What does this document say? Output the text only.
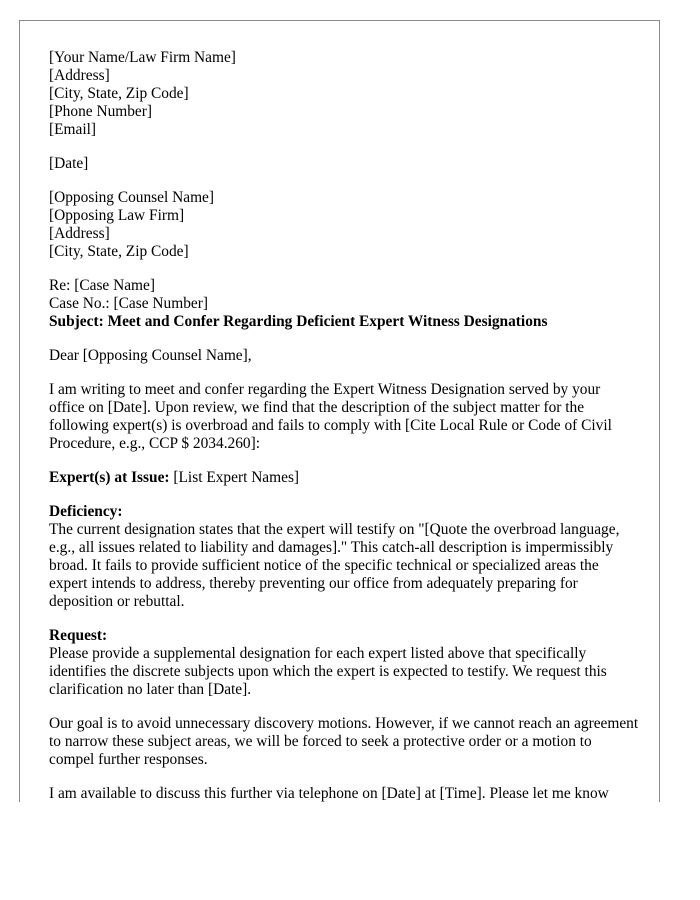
[Your Name/Law Firm Name]
[Address]
[City, State, Zip Code]
[Phone Number]
[Email]
[Date]
[Opposing Counsel Name]
[Opposing Law Firm]
[Address]
[City, State, Zip Code]
Re: [Case Name]
Case No.: [Case Number]
Subject: Meet and Confer Regarding Deficient Expert Witness Designations
Dear [Opposing Counsel Name],

I am writing to meet and confer regarding the Expert Witness Designation served by your office on [Date]. Upon review, we find that the description of the subject matter for the following expert(s) is overbroad and fails to comply with [Cite Local Rule or Code of Civil Procedure, e.g., CCP $ 2034.260]:

Expert(s) at Issue: [List Expert Names]
Deficiency:

The current designation states that the expert will testify on "[Quote the overbroad language, e.g., all issues related to liability and damages]." This catch-all description is impermissibly broad. It fails to provide sufficient notice of the specific technical or specialized areas the expert intends to address, thereby preventing our office from adequately preparing for deposition or rebuttal.

Request:

Please provide a supplemental designation for each expert listed above that specifically identifies the discrete subjects upon which the expert is expected to testify. We request this clarification no later than [Date].

Our goal is to avoid unnecessary discovery motions. However, if we cannot reach an agreement to narrow these subject areas, we will be forced to seek a protective order or a motion to compel further responses.

I am available to discuss this further via telephone on [Date] at [Time]. Please let me know
